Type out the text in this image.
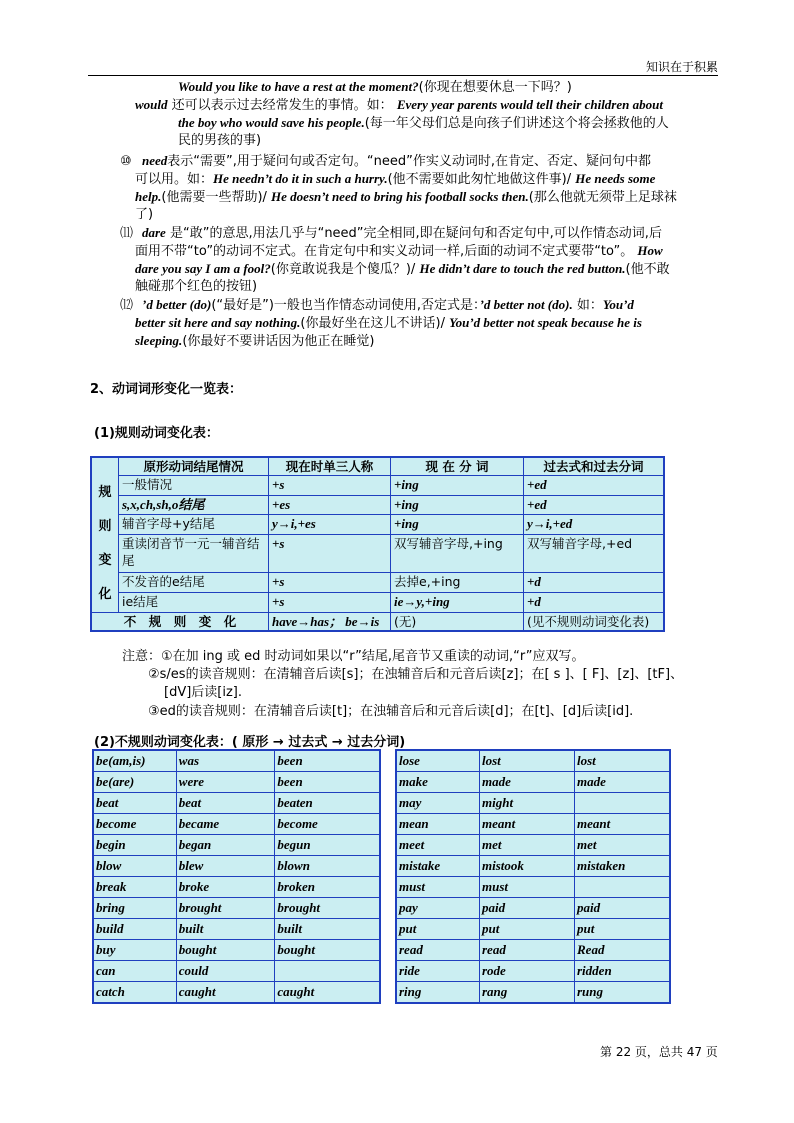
知识在于积累
Would you like to have a rest at the moment?(你现在想要休息一下吗？)
would 还可以表示过去经常发生的事情。如： Every year parents would tell their children about
the boy who would save his people.(每一年父母们总是向孩子们讲述这个将会拯救他的人
民的男孩的事)
⑩ need表示“需要”,用于疑问句或否定句。“need”作实义动词时,在肯定、否定、疑问句中都
可以用。如：He needn’t do it in such a hurry.(他不需要如此匆忙地做这件事)/ He needs some
help.(他需要一些帮助)/ He doesn’t need to bring his football socks then.(那么他就无须带上足球袜
了)
⑾ dare 是“敢”的意思,用法几乎与“need”完全相同,即在疑问句和否定句中,可以作情态动词,后
面用不带“to”的动词不定式。在肯定句中和实义动词一样,后面的动词不定式要带“to”。 How
dare you say I am a fool?(你竟敢说我是个傻瓜？)/ He didn’t dare to touch the red button.(他不敢
触碰那个红色的按钮)
⑿ ’d better (do)(“最好是”)一般也当作情态动词使用,否定式是：’d better not (do). 如：You’d
better sit here and say nothing.(你最好坐在这儿不讲话)/ You’d better not speak because he is
sleeping.(你最好不要讲话因为他正在睡觉)
2、动词词形变化一览表：
(1)规则动词变化表：
	原形动词结尾情况	现在时单三人称	现 在 分 词	过去式和过去分词
规
则
变
化	一般情况	+s	+ing	+ed
	s,x,ch,sh,o结尾	+es	+ing	+ed
	辅音字母+y结尾	y→i,+es	+ing	y→i,+ed
	重读闭音节一元一辅音结尾	+s	双写辅音字母,+ing	双写辅音字母,+ed
	不发音的e结尾	+s	去掉e,+ing	+d
	ie结尾	+s	ie→y,+ing	+d
不　规　则　变　化		have→has； be→is	(无)	(见不规则动词变化表)
注意：①在加 ing 或 ed 时动词如果以“r”结尾,尾音节又重读的动词,“r”应双写。
②s/es的读音规则：在清辅音后读[s]；在浊辅音后和元音后读[z]；在[ s ]、[ F]、[z]、[tF]、
[dV]后读[iz].
③ed的读音规则：在清辅音后读[t]；在浊辅音后和元音后读[d]；在[t]、[d]后读[id].
(2)不规则动词变化表：( 原形 → 过去式 → 过去分词)
be(am,is)	was	been
be(are)	were	been
beat	beat	beaten
become	became	become
begin	began	begun
blow	blew	blown
break	broke	broken
bring	brought	brought
build	built	built
buy	bought	bought
can	could	
catch	caught	caught
lose	lost	lost
make	made	made
may	might	
mean	meant	meant
meet	met	met
mistake	mistook	mistaken
must	must	
pay	paid	paid
put	put	put
read	read	Read
ride	rode	ridden
ring	rang	rung
第 22 页，总共 47 页
